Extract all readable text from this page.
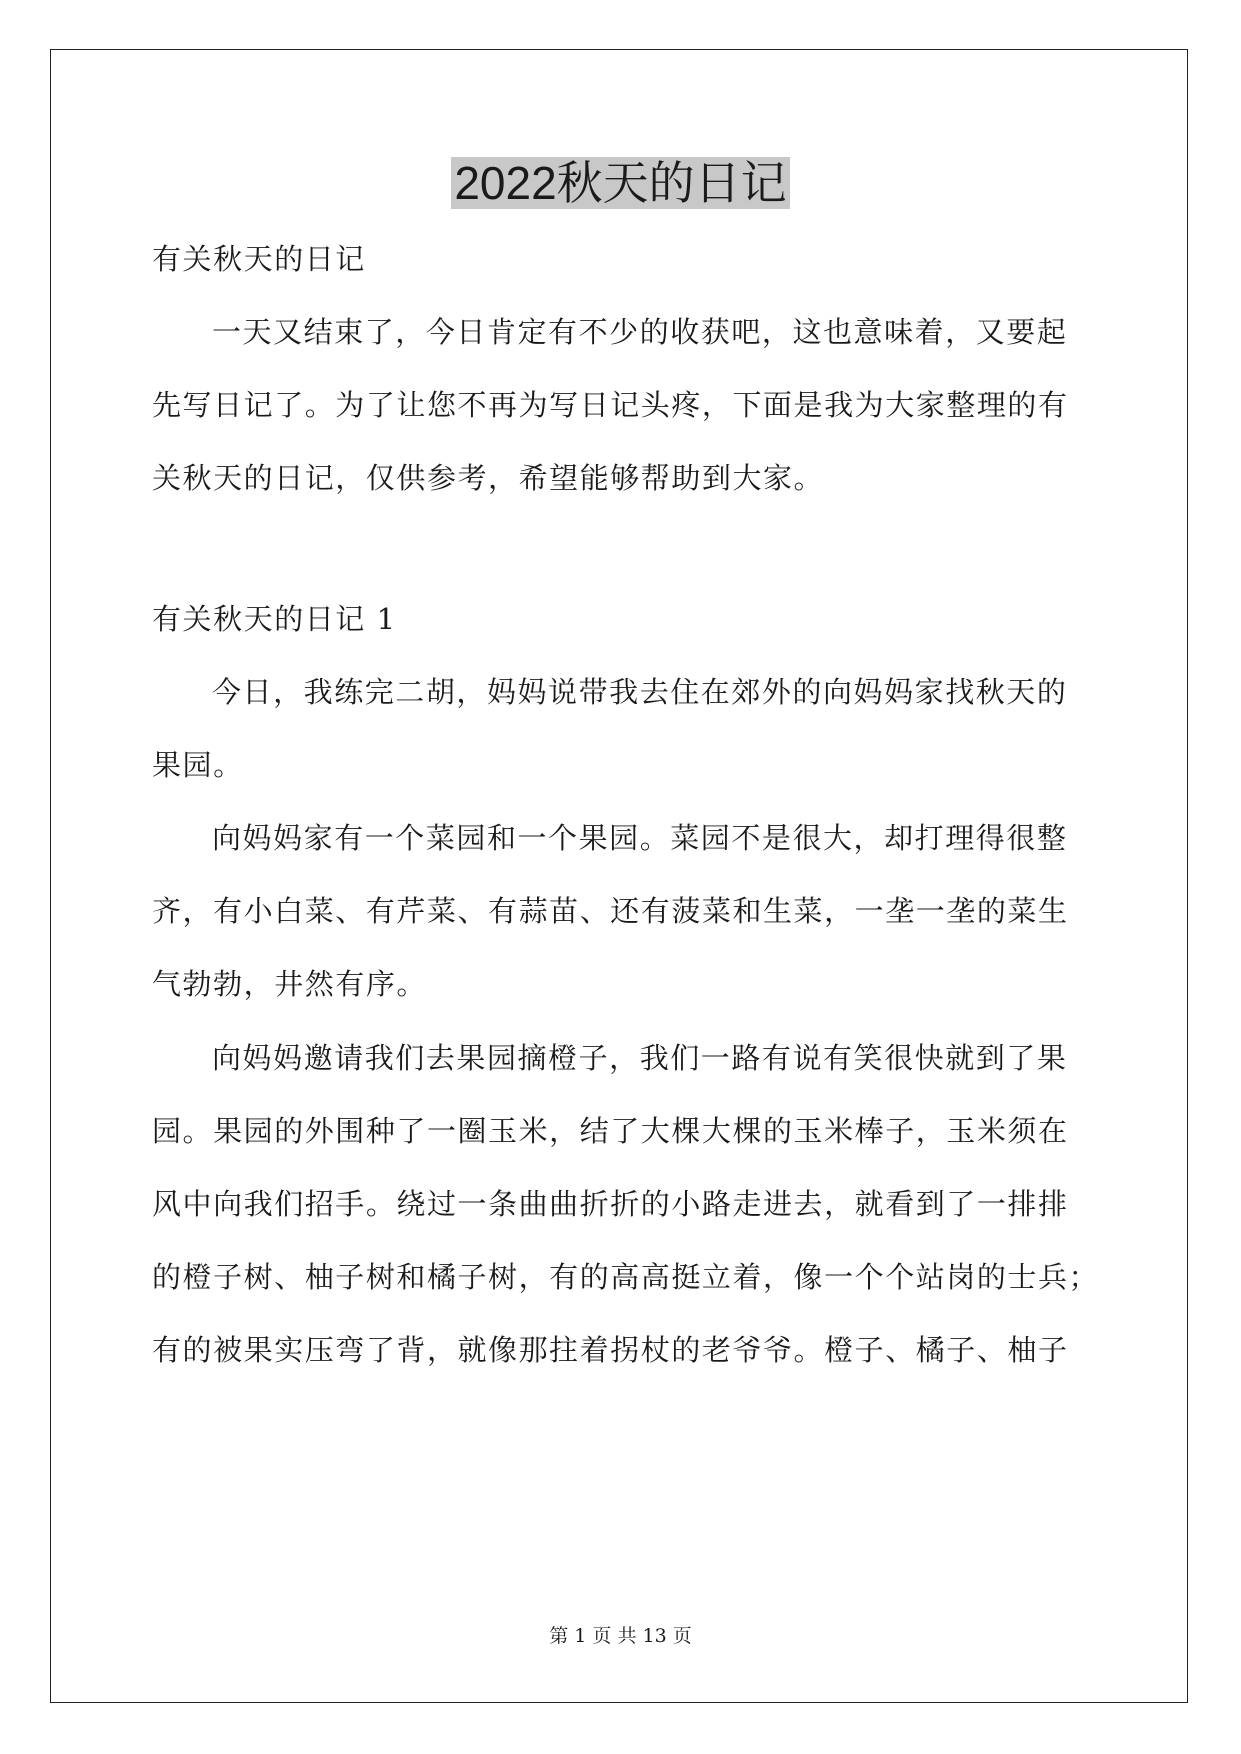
2022秋天的日记
有关秋天的日记
一天又结束了，今日肯定有不少的收获吧，这也意味着，又要起
先写日记了。为了让您不再为写日记头疼，下面是我为大家整理的有
关秋天的日记，仅供参考，希望能够帮助到大家。
有关秋天的日记 1
今日，我练完二胡，妈妈说带我去住在郊外的向妈妈家找秋天的
果园。
向妈妈家有一个菜园和一个果园。菜园不是很大，却打理得很整
齐，有小白菜、有芹菜、有蒜苗、还有菠菜和生菜，一垄一垄的菜生
气勃勃，井然有序。
向妈妈邀请我们去果园摘橙子，我们一路有说有笑很快就到了果
园。果园的外围种了一圈玉米，结了大棵大棵的玉米棒子，玉米须在
风中向我们招手。绕过一条曲曲折折的小路走进去，就看到了一排排
的橙子树、柚子树和橘子树，有的高高挺立着，像一个个站岗的士兵；
有的被果实压弯了背，就像那拄着拐杖的老爷爷。橙子、橘子、柚子
第 1 页 共 13 页
